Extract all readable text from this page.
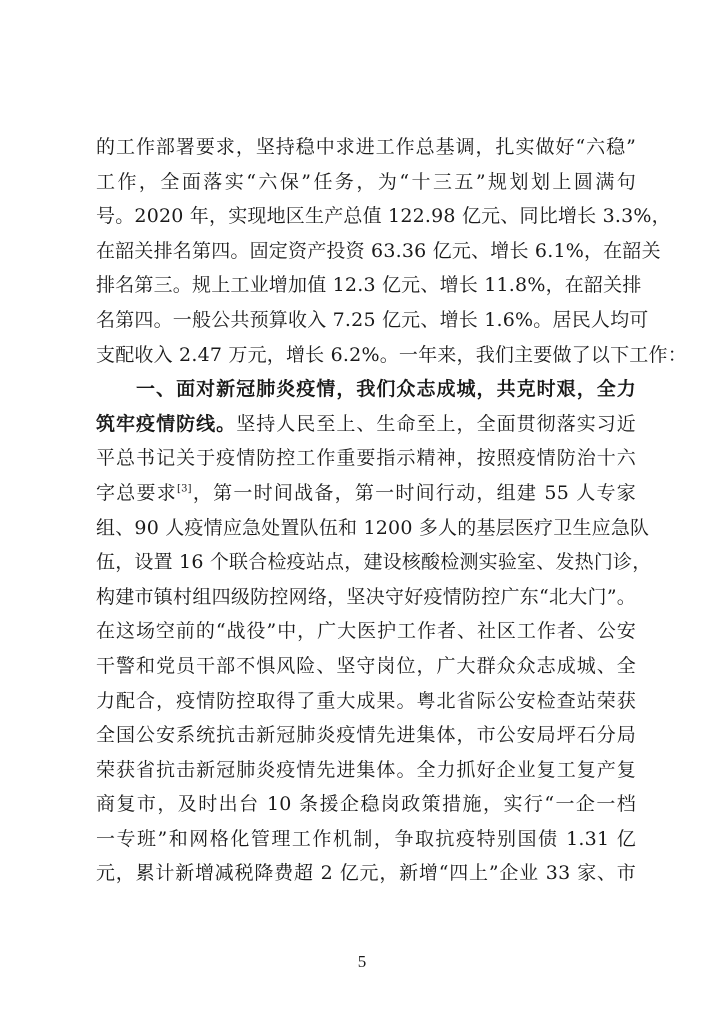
的工作部署要求，坚持稳中求进工作总基调，扎实做好“六稳”
工作，全面落实“六保”任务，为“十三五”规划划上圆满句
号。2020 年，实现地区生产总值 122.98 亿元、同比增长 3.3%，
在韶关排名第四。固定资产投资 63.36 亿元、增长 6.1%，在韶关
排名第三。规上工业增加值 12.3 亿元、增长 11.8%，在韶关排
名第四。一般公共预算收入 7.25 亿元、增长 1.6%。居民人均可
支配收入 2.47 万元，增长 6.2%。一年来，我们主要做了以下工作：
一、面对新冠肺炎疫情，我们众志成城，共克时艰，全力
筑牢疫情防线。坚持人民至上、生命至上，全面贯彻落实习近
平总书记关于疫情防控工作重要指示精神，按照疫情防治十六
字总要求[3]，第一时间战备，第一时间行动，组建 55 人专家
组、90 人疫情应急处置队伍和 1200 多人的基层医疗卫生应急队
伍，设置 16 个联合检疫站点，建设核酸检测实验室、发热门诊，
构建市镇村组四级防控网络，坚决守好疫情防控广东“北大门”。
在这场空前的“战役”中，广大医护工作者、社区工作者、公安
干警和党员干部不惧风险、坚守岗位，广大群众众志成城、全
力配合，疫情防控取得了重大成果。粤北省际公安检查站荣获
全国公安系统抗击新冠肺炎疫情先进集体，市公安局坪石分局
荣获省抗击新冠肺炎疫情先进集体。全力抓好企业复工复产复
商复市，及时出台 10 条援企稳岗政策措施，实行“一企一档
一专班”和网格化管理工作机制，争取抗疫特别国债 1.31 亿
元，累计新增减税降费超 2 亿元，新增“四上”企业 33 家、市
5
